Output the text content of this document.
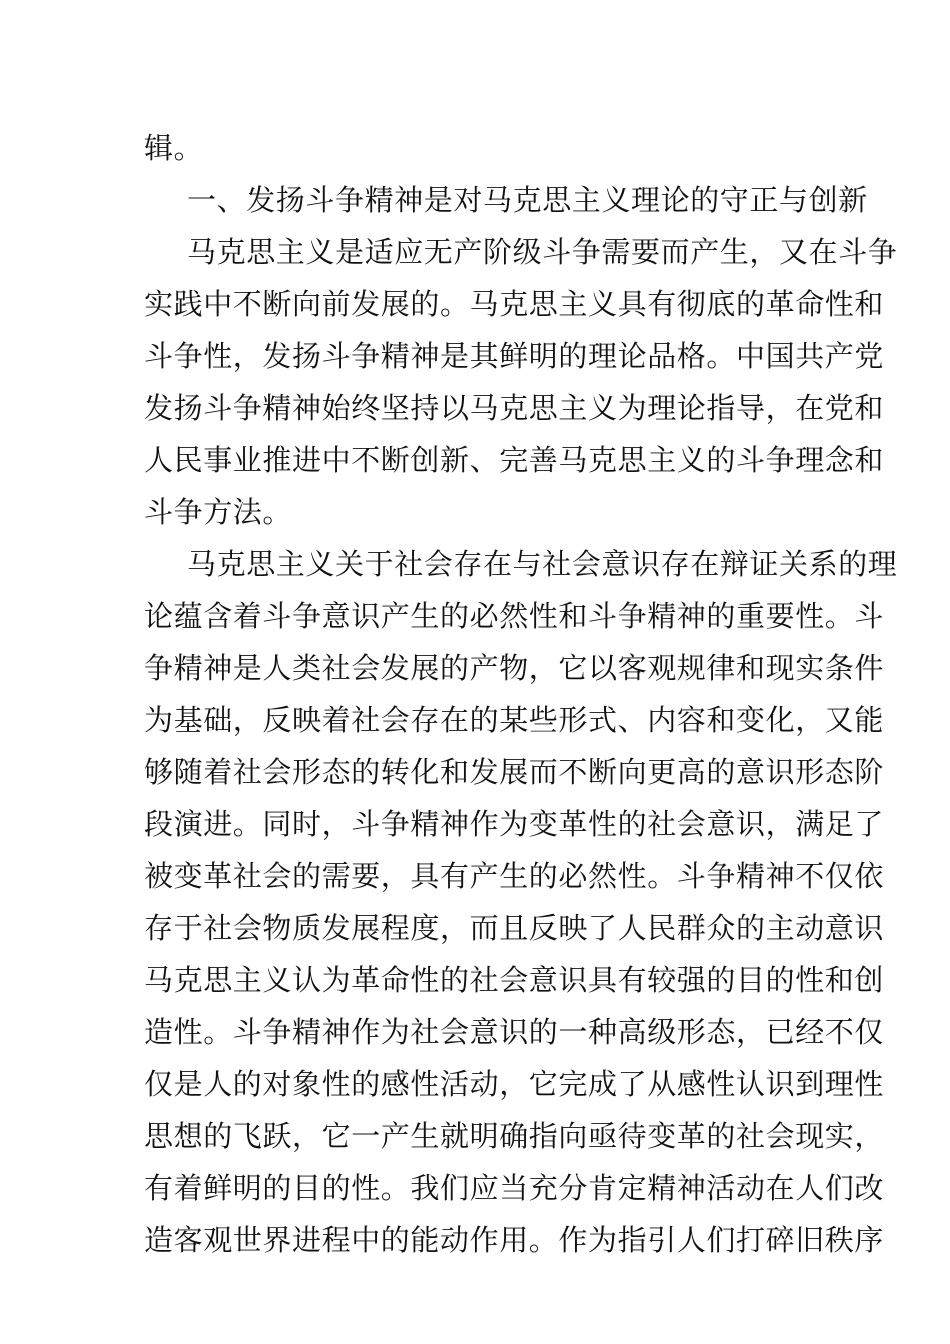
辑。
一、发扬斗争精神是对马克思主义理论的守正与创新
马克思主义是适应无产阶级斗争需要而产生，又在斗争
实践中不断向前发展的。马克思主义具有彻底的革命性和
斗争性，发扬斗争精神是其鲜明的理论品格。中国共产党
发扬斗争精神始终坚持以马克思主义为理论指导，在党和
人民事业推进中不断创新、完善马克思主义的斗争理念和
斗争方法。
马克思主义关于社会存在与社会意识存在辩证关系的理
论蕴含着斗争意识产生的必然性和斗争精神的重要性。斗
争精神是人类社会发展的产物，它以客观规律和现实条件
为基础，反映着社会存在的某些形式、内容和变化，又能
够随着社会形态的转化和发展而不断向更高的意识形态阶
段演进。同时，斗争精神作为变革性的社会意识，满足了
被变革社会的需要，具有产生的必然性。斗争精神不仅依
存于社会物质发展程度，而且反映了人民群众的主动意识
马克思主义认为革命性的社会意识具有较强的目的性和创
造性。斗争精神作为社会意识的一种高级形态，已经不仅
仅是人的对象性的感性活动，它完成了从感性认识到理性
思想的飞跃，它一产生就明确指向亟待变革的社会现实，
有着鲜明的目的性。我们应当充分肯定精神活动在人们改
造客观世界进程中的能动作用。作为指引人们打碎旧秩序
